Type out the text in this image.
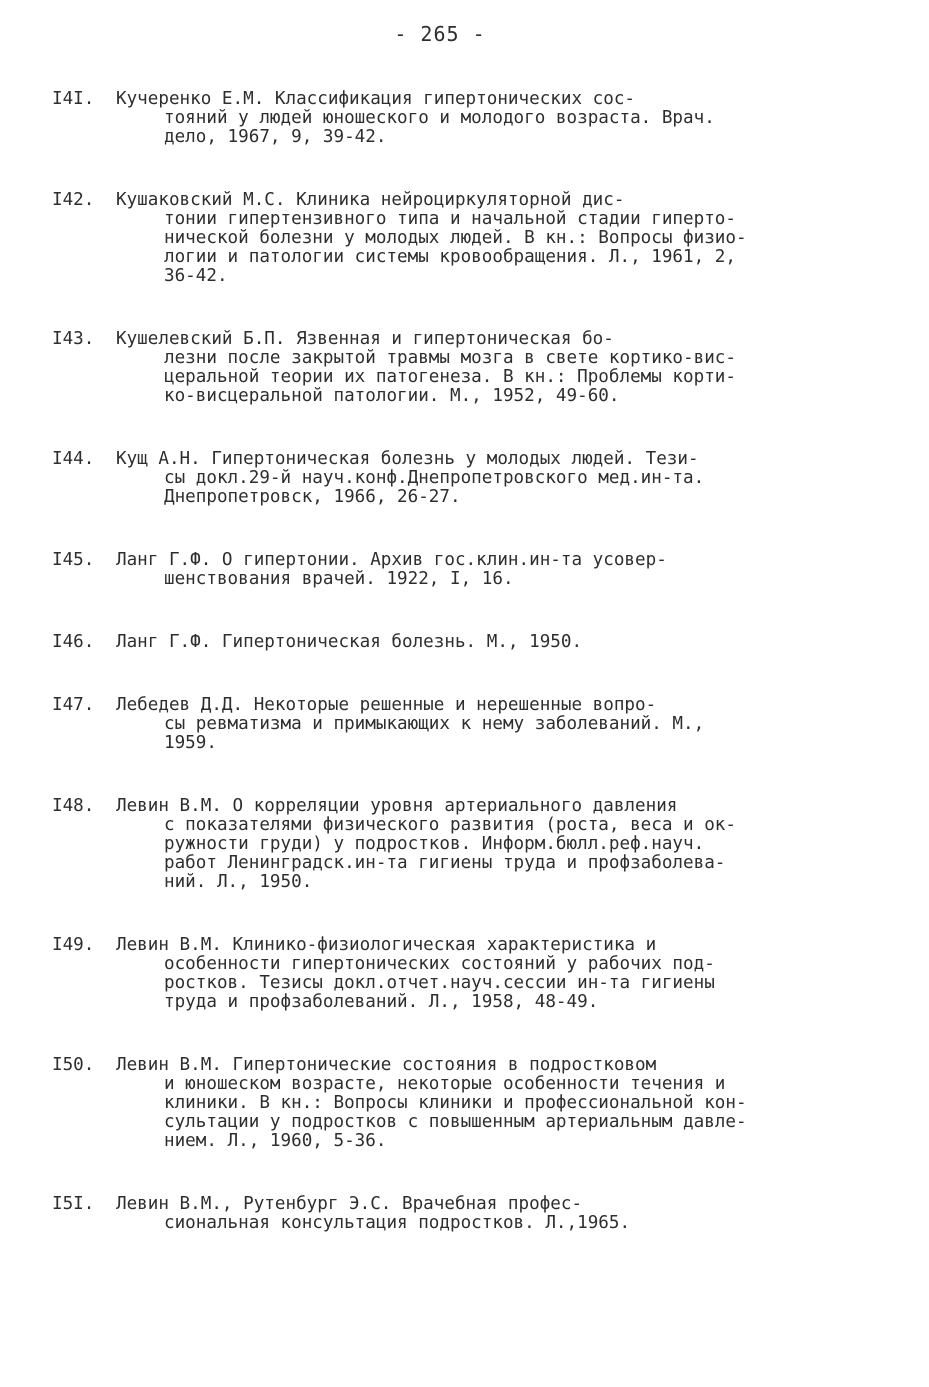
- 265 -
I4I.	Кучеренко Е.М. Классификация гипертонических сос-
тояний у людей юношеского и молодого возраста. Врач.
дело, 1967, 9, 39-42.
I42.	Кушаковский М.С. Клиника нейроциркуляторной дис-
тонии гипертензивного типа и начальной стадии гиперто-
нической болезни у молодых людей. В кн.: Вопросы физио-
логии и патологии системы кровообращения. Л., 1961, 2,
36-42.
I43.	Кушелевский Б.П. Язвенная и гипертоническая бо-
лезни после закрытой травмы мозга в свете кортико-вис-
церальной теории их патогенеза. В кн.: Проблемы корти-
ко-висцеральной патологии. М., 1952, 49-60.
I44.	Кущ А.Н. Гипертоническая болезнь у молодых людей. Тези-
сы докл.29-й науч.конф.Днепропетровского мед.ин-та.
Днепропетровск, 1966, 26-27.
I45.	Ланг Г.Ф. О гипертонии. Архив гос.клин.ин-та усовер-
шенствования врачей. 1922, I, 16.
I46.	Ланг Г.Ф. Гипертоническая болезнь. М., 1950.
I47.	Лебедев Д.Д. Некоторые решенные и нерешенные вопро-
сы ревматизма и примыкающих к нему заболеваний. М.,
1959.
I48.	Левин В.М. О корреляции уровня артериального давления
с показателями физического развития (роста, веса и ок-
ружности груди) у подростков. Информ.бюлл.реф.науч.
работ Ленинградск.ин-та гигиены труда и профзаболева-
ний. Л., 1950.
I49.	Левин В.М. Клинико-физиологическая характеристика и
особенности гипертонических состояний у рабочих под-
ростков. Тезисы докл.отчет.науч.сессии ин-та гигиены
труда и профзаболеваний. Л., 1958, 48-49.
I50.	Левин В.М. Гипертонические состояния в подростковом
и юношеском возрасте, некоторые особенности течения и
клиники. В кн.: Вопросы клиники и профессиональной кон-
сультации у подростков с повышенным артериальным давле-
нием. Л., 1960, 5-36.
I5I.	Левин В.М., Рутенбург Э.С. Врачебная профес-
сиональная консультация подростков. Л.,1965.
